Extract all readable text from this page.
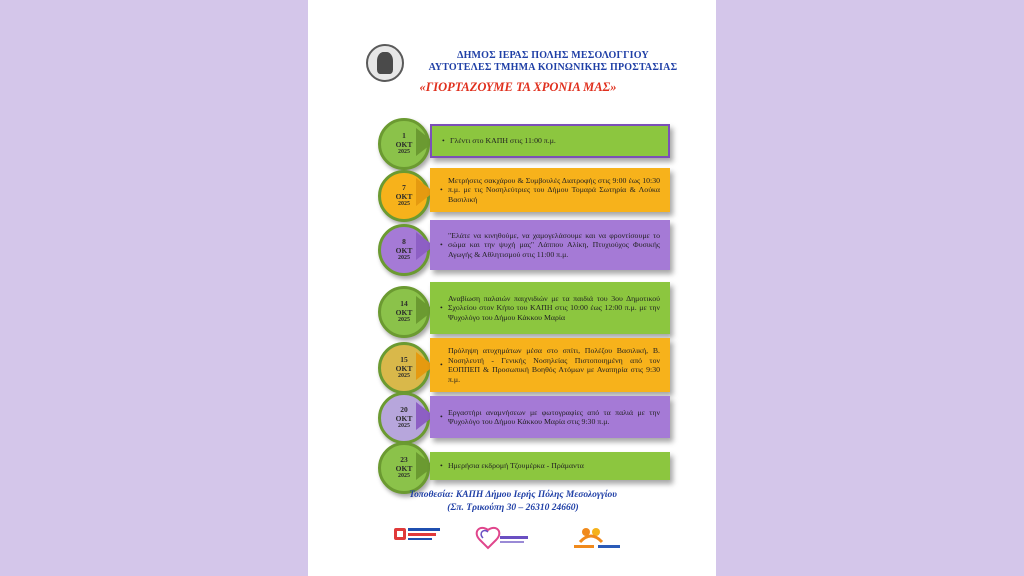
ΔΗΜΟΣ ΙΕΡΑΣ ΠΟΛΗΣ ΜΕΣΟΛΟΓΓΙΟΥ
ΑΥΤΟΤΕΛΕΣ ΤΜΗΜΑ ΚΟΙΝΩΝΙΚΗΣ ΠΡΟΣΤΑΣΙΑΣ
«ΓΙΟΡΤΑΖΟΥΜΕ ΤΑ ΧΡΟΝΙΑ ΜΑΣ»
1
ΟΚΤ
2025
• Γλέντι στο ΚΑΠΗ στις 11:00 π.μ.
7
ΟΚΤ
2025
•
Μετρήσεις σακχάρου & Συμβουλές Διατροφής στις 9:00 έως 10:30 π.μ. με τις Νοσηλεύτριες του Δήμου Τομαρά Σωτηρία & Λούκα Βασιλική
8
ΟΚΤ
2025
•
"Ελάτε να κινηθούμε, να χαμογελάσουμε και να φροντίσουμε το σώμα και την ψυχή μας" Λάππου Αλίκη, Πτυχιούχος Φυσικής Αγωγής & Αθλητισμού στις 11:00 π.μ.
14
ΟΚΤ
2025
•
Αναβίωση παλαιών παιχνιδιών με τα παιδιά του 3ου Δημοτικού Σχολείου στον Κήπο του ΚΑΠΗ στις 10:00 έως 12:00 π.μ. με την Ψυχολόγο του Δήμου Κάκκου Μαρία
15
ΟΚΤ
2025
•
Πρόληψη ατυχημάτων μέσα στο σπίτι, Πολέζου Βασιλική, Β. Νοσηλευτή - Γενικής Νοσηλείας Πιστοποιημένη από τον ΕΟΠΠΕΠ & Προσωπική Βοηθός Ατόμων με Αναπηρία στις 9:30 π.μ.
20
ΟΚΤ
2025
•
Εργαστήρι αναμνήσεων με φωτογραφίες από τα παλιά με την Ψυχολόγο του Δήμου Κάκκου Μαρία στις 9:30 π.μ.
23
ΟΚΤ
2025
• Ημερήσια εκδρομή Τζουμέρκα - Πράμαντα
Τοποθεσία: ΚΑΠΗ Δήμου Ιερής Πόλης Μεσολογγίου
(Σπ. Τρικούπη 30 – 26310 24660)
